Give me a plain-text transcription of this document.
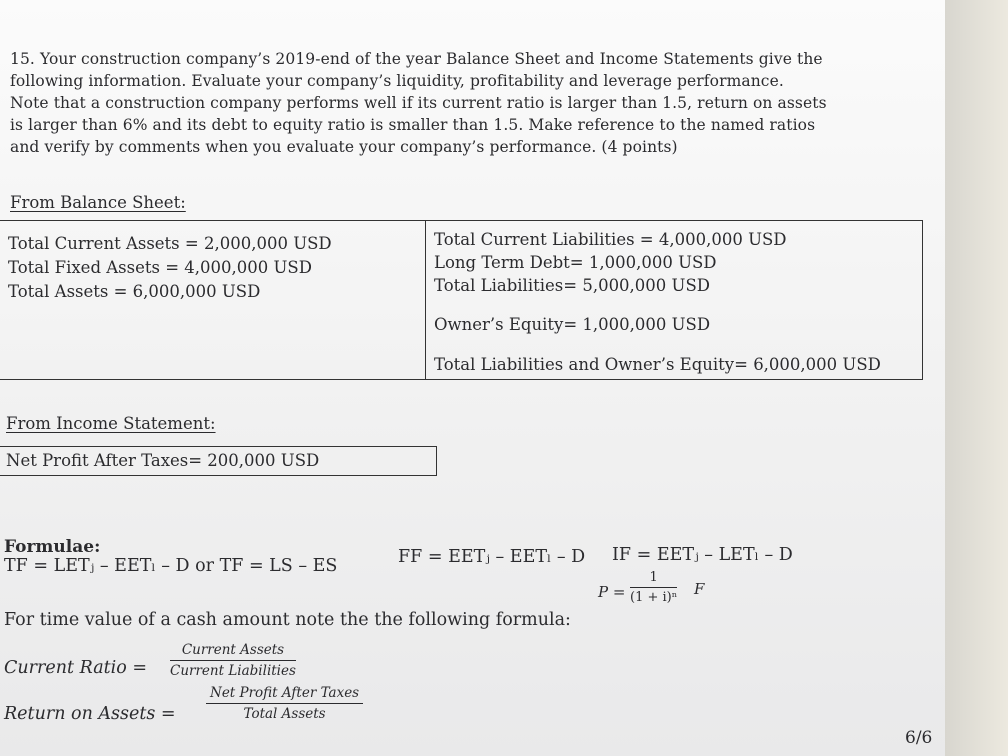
15. Your construction company’s 2019-end of the year Balance Sheet and Income Statements give the
following information. Evaluate your company’s liquidity, profitability and leverage performance.
Note that a construction company performs well if its current ratio is larger than 1.5, return on assets
is larger than 6% and its debt to equity ratio is smaller than 1.5. Make reference to the named ratios
and verify by comments when you evaluate your company’s performance. (4 points)
From Balance Sheet:
Total Current Assets = 2,000,000 USD
Total Fixed Assets = 4,000,000 USD
Total Assets = 6,000,000 USD
Total Current Liabilities = 4,000,000 USD
Long Term Debt= 1,000,000 USD
Total Liabilities= 5,000,000 USD
Owner’s Equity= 1,000,000 USD
Total Liabilities and Owner’s Equity= 6,000,000 USD
From Income Statement:
Net Profit After Taxes= 200,000 USD
Formulae:
TF = LETⱼ – EETₗ – D or TF = LS – ES	FF = EETⱼ – EETₗ – D IF = EETⱼ – LETₗ – D
$P = \frac{1}{\text{(1 + i)ⁿ}}$ F
For time value of a cash amount note the the following formula:
Current Ratio =
Current Assets
Current Liabilities
Return on Assets =
Net Profit After Taxes
Total Assets
6/6
